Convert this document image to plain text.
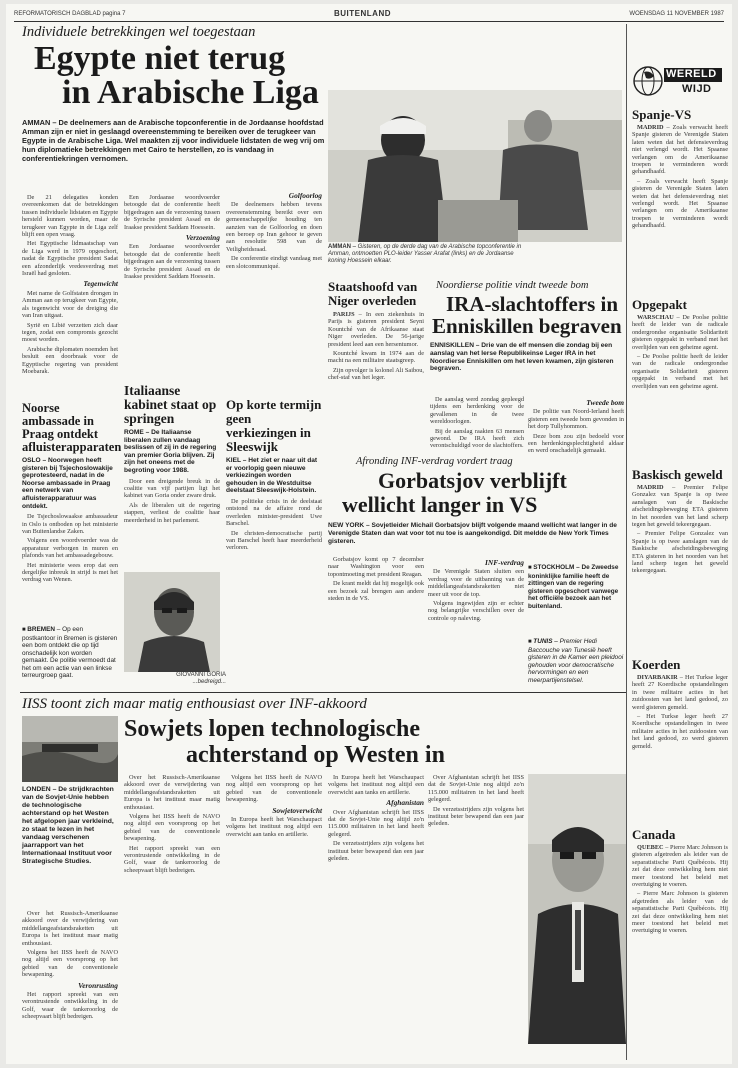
REFORMATORISCH DAGBLAD pagina 7	BUITENLAND	WOENSDAG 11 NOVEMBER 1987
Individuele betrekkingen wel toegestaan
Egypte niet terug
in Arabische Liga
AMMAN – De deelnemers aan de Arabische topconferentie in de Jordaanse hoofdstad Amman zijn er niet in geslaagd overeenstemming te bereiken over de terugkeer van Egypte in de Arabische Liga. Wel maakten zij voor individuele lidstaten de weg vrij om hun diplomatieke betrekkingen met Cairo te herstellen, zo is vandaag in conferentiekringen vernomen.

De 21 delegaties konden overeenkomen dat de betrekkingen tussen individuele lidstaten en Egypte hersteld kunnen worden, maar de terugkeer van Egypte in de Liga zelf blijft een open vraag.

Het Egyptische lidmaatschap van de Liga werd in 1979 opgeschort, nadat de Egyptische president Sadat een afzonderlijk vredesverdrag met Israël had gesloten.

Tegenwicht

Met name de Golfstaten drongen in Amman aan op terugkeer van Egypte, als tegenwicht voor de dreiging die van Iran uitgaat.

Syrië en Libië verzetten zich daar tegen, zodat een compromis gezocht moest worden.

Arabische diplomaten noemden het besluit een doorbraak voor de Egyptische regering van president Moebarak.

Een Jordaanse woordvoerder betoogde dat de conferentie heeft bijgedragen aan de verzoening tussen de Syrische president Assad en de Iraakse president Saddam Hoessein.

Verzoening

Een Jordaanse woordvoerder betoogde dat de conferentie heeft bijgedragen aan de verzoening tussen de Syrische president Assad en de Iraakse president Saddam Hoessein.

Golfoorlog

De deelnemers hebben tevens overeenstemming bereikt over een gemeenschappelijke houding ten aanzien van de Golfoorlog en doen een beroep op Iran gehoor te geven aan resolutie 598 van de Veiligheidsraad.

De conferentie eindigt vandaag met een slotcommuniqué.

AMMAN – Gisteren, op de derde dag van de Arabische topconferentie in Amman, ontmoetten PLO-leider Yasser Arafat (links) en de Jordaanse koning Hoessein elkaar.
Staatshoofd van Niger overleden

PARIJS – In een ziekenhuis in Parijs is gisteren president Seyni Kountché van de Afrikaanse staat Niger overleden. De 56-jarige president leed aan een hersentumor.

Kountché kwam in 1974 aan de macht na een militaire staatsgreep.

Zijn opvolger is kolonel Ali Saibou, chef-staf van het leger.

Noordierse politie vindt tweede bom
IRA-slachtoffers in
Enniskillen begraven
ENNISKILLEN – Drie van de elf mensen die zondag bij een aanslag van het Ierse Republikeinse Leger IRA in het Noordierse Enniskillen om het leven kwamen, zijn gisteren begraven.

De aanslag werd zondag gepleegd tijdens een herdenking voor de gevallenen in de twee wereldoorlogen.

Bij de aanslag raakten 63 mensen gewond. De IRA heeft zich verontschuldigd voor de slachtoffers.

Tweede bom

De politie van Noord-Ierland heeft gisteren een tweede bom gevonden in het dorp Tullyhommon.

Deze bom zou zijn bedoeld voor een herdenkingsplechtigheid aldaar en werd onschadelijk gemaakt.

Noorse ambassade in Praag ontdekt afluisterapparaten
OSLO – Noorwegen heeft gisteren bij Tsjechoslowakije geprotesteerd, nadat in de Noorse ambassade in Praag een netwerk van afluisterapparatuur was ontdekt.

De Tsjechoslowaakse ambassadeur in Oslo is ontboden op het ministerie van Buitenlandse Zaken.

Volgens een woordvoerder was de apparatuur verborgen in muren en plafonds van het ambassadegebouw.

Het ministerie wees erop dat een dergelijke inbreuk in strijd is met het verdrag van Wenen.

■ BREMEN – Op een postkantoor in Bremen is gisteren een bom ontdekt die op tijd onschadelijk kon worden gemaakt. De politie vermoedt dat het om een actie van een linkse terreurgroep gaat.
Italiaanse kabinet staat op springen
ROME – De Italiaanse liberalen zullen vandaag beslissen of zij in de regering van premier Goria blijven. Zij zijn het oneens met de begroting voor 1988.

Door een dreigende breuk in de coalitie van vijf partijen ligt het kabinet van Goria onder zware druk.

Als de liberalen uit de regering stappen, verliest de coalitie haar meerderheid in het parlement.

GIOVANNI GORIA
...bedreigd...
Op korte termijn geen verkiezingen in Sleeswijk
KIEL – Het ziet er naar uit dat er voorlopig geen nieuwe verkiezingen worden gehouden in de Westduitse deelstaat Sleeswijk-Holstein.

De politieke crisis in de deelstaat ontstond na de affaire rond de overleden minister-president Uwe Barschel.

De christen-democratische partij van Barschel heeft haar meerderheid verloren.

Afronding INF-verdrag vordert traag
Gorbatsjov verblijft
wellicht langer in VS
NEW YORK – Sovjetleider Michail Gorbatsjov blijft volgende maand wellicht wat langer in de Verenigde Staten dan wat voor tot nu toe is aangekondigd. Dit meldde de New York Times gisteren.

Gorbatsjov komt op 7 december naar Washington voor een topontmoeting met president Reagan.

De krant meldt dat hij mogelijk ook een bezoek zal brengen aan andere steden in de VS.

INF-verdrag

De Verenigde Staten sluiten een verdrag voor de uitbanning van de middellangeafstandsraketten niet meer uit voor de top.

Volgens ingewijden zijn er echter nog belangrijke verschillen over de controle op naleving.

■ STOCKHOLM – De Zweedse koninklijke familie heeft de zittingen van de regering gisteren opgeschort vanwege het officiële bezoek aan het buitenland.
■ TUNIS – Premier Hedi Baccouche van Tunesië heeft gisteren in de Kamer een pleidooi gehouden voor democratische hervormingen en een meerpartijenstelsel.
IISS toont zich maar matig enthousiast over INF-akkoord
Sowjets lopen technologische
achterstand op Westen in
LONDEN – De strijdkrachten van de Sovjet-Unie hebben de technologische achterstand op het Westen het afgelopen jaar verkleind, zo staat te lezen in het vandaag verschenen jaarrapport van het Internationaal Instituut voor Strategische Studies.

Over het Russisch-Amerikaanse akkoord over de verwijdering van middellangeafstandsraketten uit Europa is het instituut maar matig enthousiast.

Volgens het IISS heeft de NAVO nog altijd een voorsprong op het gebied van de conventionele bewapening.

Veronrusting

Het rapport spreekt van een verontrustende ontwikkeling in de Golf, waar de tankeroorlog de scheepvaart blijft bedreigen.

Over het Russisch-Amerikaanse akkoord over de verwijdering van middellangeafstandsraketten uit Europa is het instituut maar matig enthousiast.

Volgens het IISS heeft de NAVO nog altijd een voorsprong op het gebied van de conventionele bewapening.

Het rapport spreekt van een verontrustende ontwikkeling in de Golf, waar de tankeroorlog de scheepvaart blijft bedreigen.

Volgens het IISS heeft de NAVO nog altijd een voorsprong op het gebied van de conventionele bewapening.

Sowjetoverwicht

In Europa heeft het Warschaupact volgens het instituut nog altijd een overwicht aan tanks en artillerie.

In Europa heeft het Warschaupact volgens het instituut nog altijd een overwicht aan tanks en artillerie.

Afghanistan

Over Afghanistan schrijft het IISS dat de Sovjet-Unie nog altijd zo'n 115.000 militairen in het land heeft gelegerd.

De verzetsstrijders zijn volgens het instituut beter bewapend dan een jaar geleden.

Over Afghanistan schrijft het IISS dat de Sovjet-Unie nog altijd zo'n 115.000 militairen in het land heeft gelegerd.

De verzetsstrijders zijn volgens het instituut beter bewapend dan een jaar geleden.

WERELD
WIJD
Spanje-VS

MADRID – Zoals verwacht heeft Spanje gisteren de Verenigde Staten laten weten dat het defensieverdrag niet verlengd wordt. Het Spaanse verlangen om de Amerikaanse troepen te verminderen wordt gehandhaafd.

– Zoals verwacht heeft Spanje gisteren de Verenigde Staten laten weten dat het defensieverdrag niet verlengd wordt. Het Spaanse verlangen om de Amerikaanse troepen te verminderen wordt gehandhaafd.

Opgepakt

WARSCHAU – De Poolse politie heeft de leider van de radicale ondergrondse organisatie Solidariteit gisteren opgepakt in verband met het overlijden van een geheime agent.

– De Poolse politie heeft de leider van de radicale ondergrondse organisatie Solidariteit gisteren opgepakt in verband met het overlijden van een geheime agent.

Baskisch geweld

MADRID – Premier Felipe Gonzalez van Spanje is op twee aanslagen van de Baskische afscheidingsbeweging ETA gisteren in het noorden van het land scherp tegen het geweld tekeergegaan.

– Premier Felipe Gonzalez van Spanje is op twee aanslagen van de Baskische afscheidingsbeweging ETA gisteren in het noorden van het land scherp tegen het geweld tekeergegaan.

Koerden

DIYARBAKIR – Het Turkse leger heeft 27 Koerdische opstandelingen in twee militaire acties in het zuidoosten van het land gedood, zo werd gisteren gemeld.

– Het Turkse leger heeft 27 Koerdische opstandelingen in twee militaire acties in het zuidoosten van het land gedood, zo werd gisteren gemeld.

Canada

QUEBEC – Pierre Marc Johnson is gisteren afgetreden als leider van de separatistische Parti Québécois. Hij zei dat deze ontwikkeling hem niet meer toestond het beleid met overtuiging te voeren.

– Pierre Marc Johnson is gisteren afgetreden als leider van de separatistische Parti Québécois. Hij zei dat deze ontwikkeling hem niet meer toestond het beleid met overtuiging te voeren.
